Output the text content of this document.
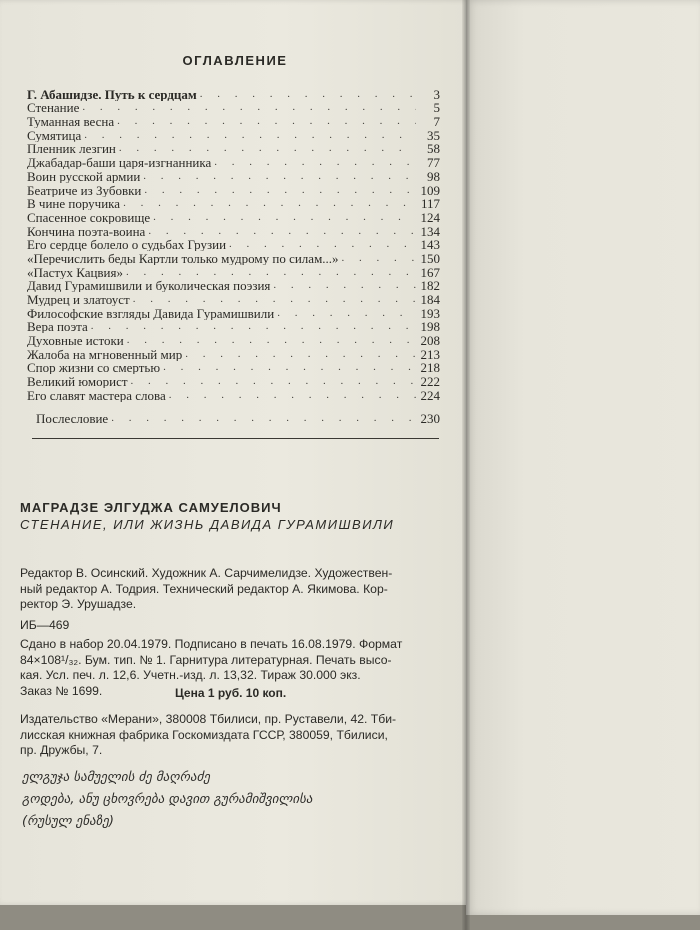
ОГЛАВЛЕНИЕ
Г. Абашидзе. Путь к сердцам . . .	3
Стенание . . .	5
Туманная весна . . .	7
Сумятица . . .	35
Пленник лезгин . . .	58
Джабадар-баши царя-изгнанника . . .	77
Воин русской армии . . .	98
Беатриче из Зубовки . . .	109
В чине поручика . . .	117
Спасенное сокровище . . .	124
Кончина поэта-воина . . .	134
Его сердце болело о судьбах Грузии . . .	143
«Перечислить беды Картли только мудрому по силам...» . . .	150
«Пастух Кацвия» . . .	167
Давид Гурамишвили и буколическая поэзия . . .	182
Мудрец и златоуст . . .	184
Философские взгляды Давида Гурамишвили . . .	193
Вера поэта . . .	198
Духовные истоки . . .	208
Жалоба на мгновенный мир . . .	213
Спор жизни со смертью . . .	218
Великий юморист . . .	222
Его славят мастера слова . . .	224
Послесловие . . .	230
МАГРАДЗЕ ЭЛГУДЖА САМУЕЛОВИЧ
СТЕНАНИЕ, ИЛИ ЖИЗНЬ ДАВИДА ГУРАМИШВИЛИ
Редактор В. Осинский. Художник А. Сарчимелидзе. Художествен-
ный редактор А. Тодрия. Технический редактор А. Якимова. Кор-
ректор Э. Урушадзе.
ИБ—469
Сдано в набор 20.04.1979. Подписано в печать 16.08.1979. Формат
84×108¹/₃₂. Бум. тип. № 1. Гарнитура литературная. Печать высо-
кая. Усл. печ. л. 12,6. Учетн.-изд. л. 13,32. Тираж 30.000 экз.
Заказ № 1699.	Цена 1 руб. 10 коп.
Издательство «Мерани», 380008 Тбилиси, пр. Руставели, 42. Тби-
лисская книжная фабрика Госкомиздата ГССР, 380059, Тбилиси,
пр. Дружбы, 7.
ელგუჯა სამუელის ძე მაღრაძე
გოდება, ანუ ცხოვრება დავით გურამიშვილისა
(რუსულ ენაზე)
